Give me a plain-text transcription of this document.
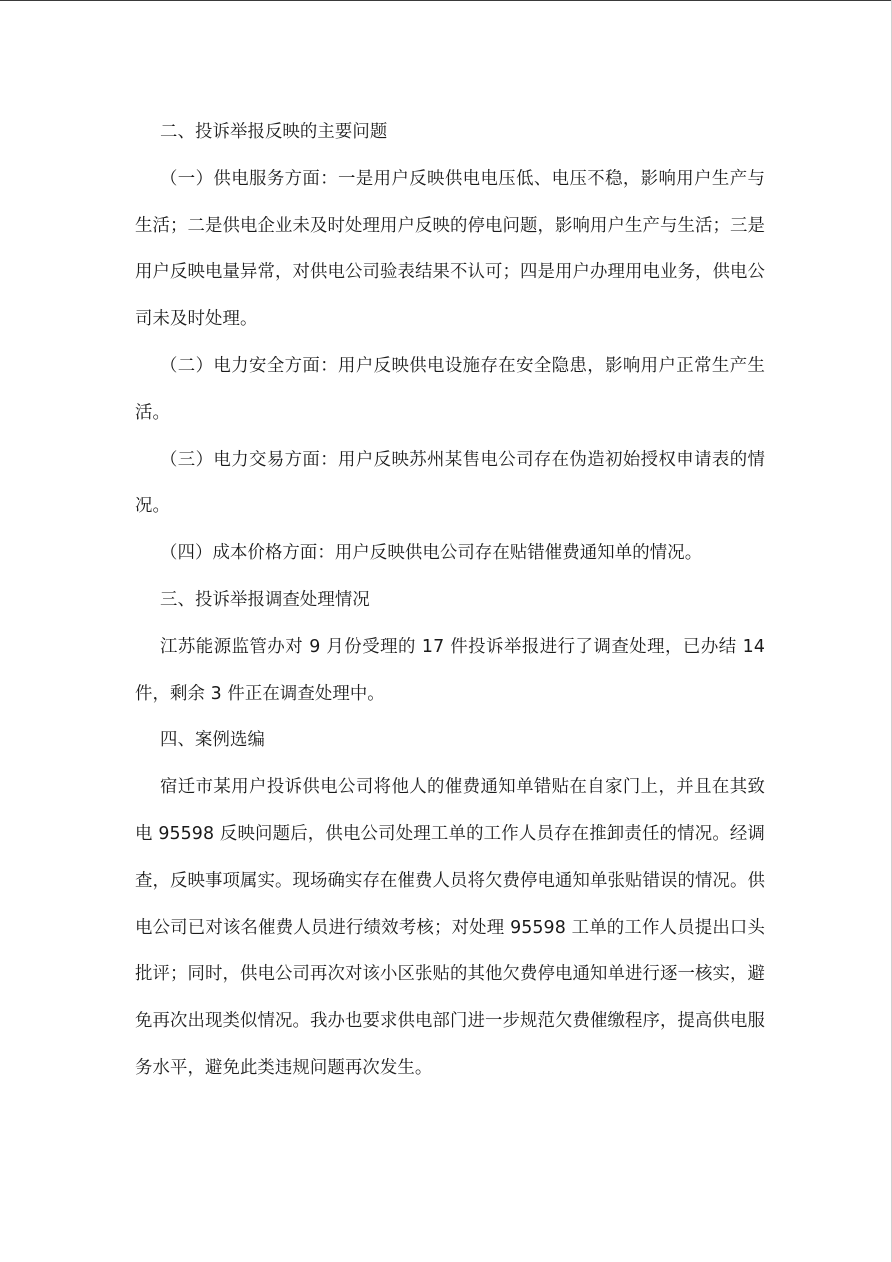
二、投诉举报反映的主要问题

（一）供电服务方面：一是用户反映供电电压低、电压不稳，影响用户生产与生活；二是供电企业未及时处理用户反映的停电问题，影响用户生产与生活；三是用户反映电量异常，对供电公司验表结果不认可；四是用户办理用电业务，供电公司未及时处理。

（二）电力安全方面：用户反映供电设施存在安全隐患，影响用户正常生产生活。

（三）电力交易方面：用户反映苏州某售电公司存在伪造初始授权申请表的情况。

（四）成本价格方面：用户反映供电公司存在贴错催费通知单的情况。

三、投诉举报调查处理情况

江苏能源监管办对 9 月份受理的 17 件投诉举报进行了调查处理，已办结 14 件，剩余 3 件正在调查处理中。

四、案例选编

宿迁市某用户投诉供电公司将他人的催费通知单错贴在自家门上，并且在其致电 95598 反映问题后，供电公司处理工单的工作人员存在推卸责任的情况。经调查，反映事项属实。现场确实存在催费人员将欠费停电通知单张贴错误的情况。供电公司已对该名催费人员进行绩效考核；对处理 95598 工单的工作人员提出口头批评；同时，供电公司再次对该小区张贴的其他欠费停电通知单进行逐一核实，避免再次出现类似情况。我办也要求供电部门进一步规范欠费催缴程序，提高供电服务水平，避免此类违规问题再次发生。
